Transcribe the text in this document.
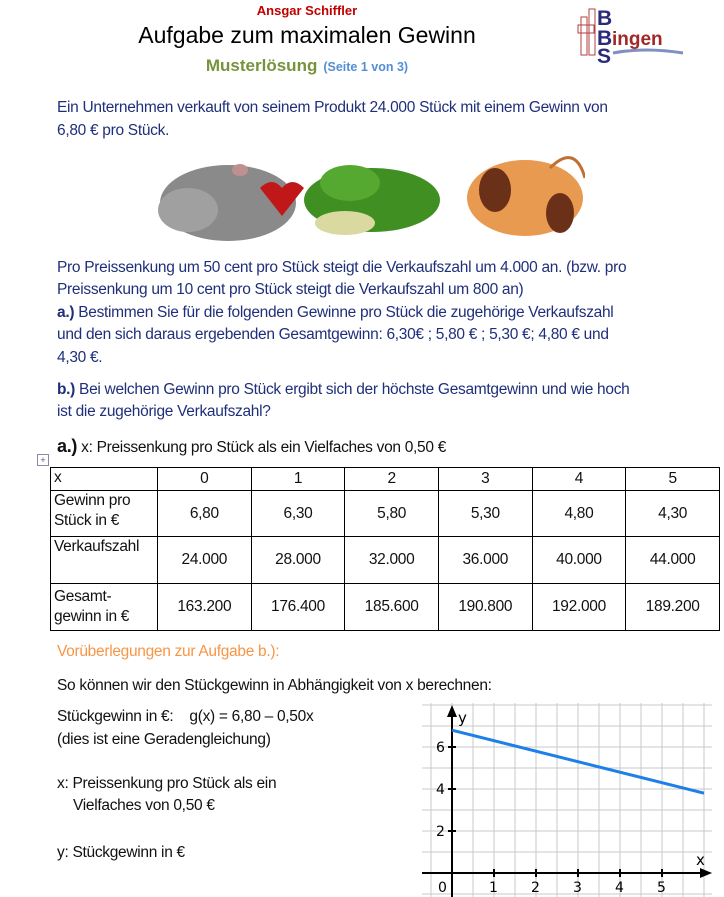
Ansgar Schiffler
Aufgabe zum maximalen Gewinn
Musterlösung (Seite 1 von 3)
B
B ingen
S
Ein Unternehmen verkauft von seinem Produkt 24.000 Stück mit einem Gewinn von
6,80 € pro Stück.
Pro Preissenkung um 50 cent pro Stück steigt die Verkaufszahl um 4.000 an. (bzw. pro
Preissenkung um 10 cent pro Stück steigt die Verkaufszahl um 800 an)
a.) Bestimmen Sie für die folgenden Gewinne pro Stück die zugehörige Verkaufszahl
und den sich daraus ergebenden Gesamtgewinn: 6,30€ ; 5,80 € ; 5,30 €; 4,80 € und
4,30 €.
b.) Bei welchen Gewinn pro Stück ergibt sich der höchste Gesamtgewinn und wie hoch
ist die zugehörige Verkaufszahl?
a.) x: Preissenkung pro Stück als ein Vielfaches von 0,50 €
+
x	0	1	2	3	4	5
Gewinn pro Stück in €	6,80	6,30	5,80	5,30	4,80	4,30
Verkaufszahl	24.000	28.000	32.000	36.000	40.000	44.000
Gesamt-gewinn in €	163.200	176.400	185.600	190.800	192.000	189.200
Vorüberlegungen zur Aufgabe b.):
So können wir den Stückgewinn in Abhängigkeit von x berechnen:
Stückgewinn in €:    g(x) = 6,80 – 0,50x
(dies ist eine Geradengleichung)
x: Preissenkung pro Stück als ein
Vielfaches von 0,50 €
y: Stückgewinn in €	x
y
0	1 2 3 4 5
2
4
6
